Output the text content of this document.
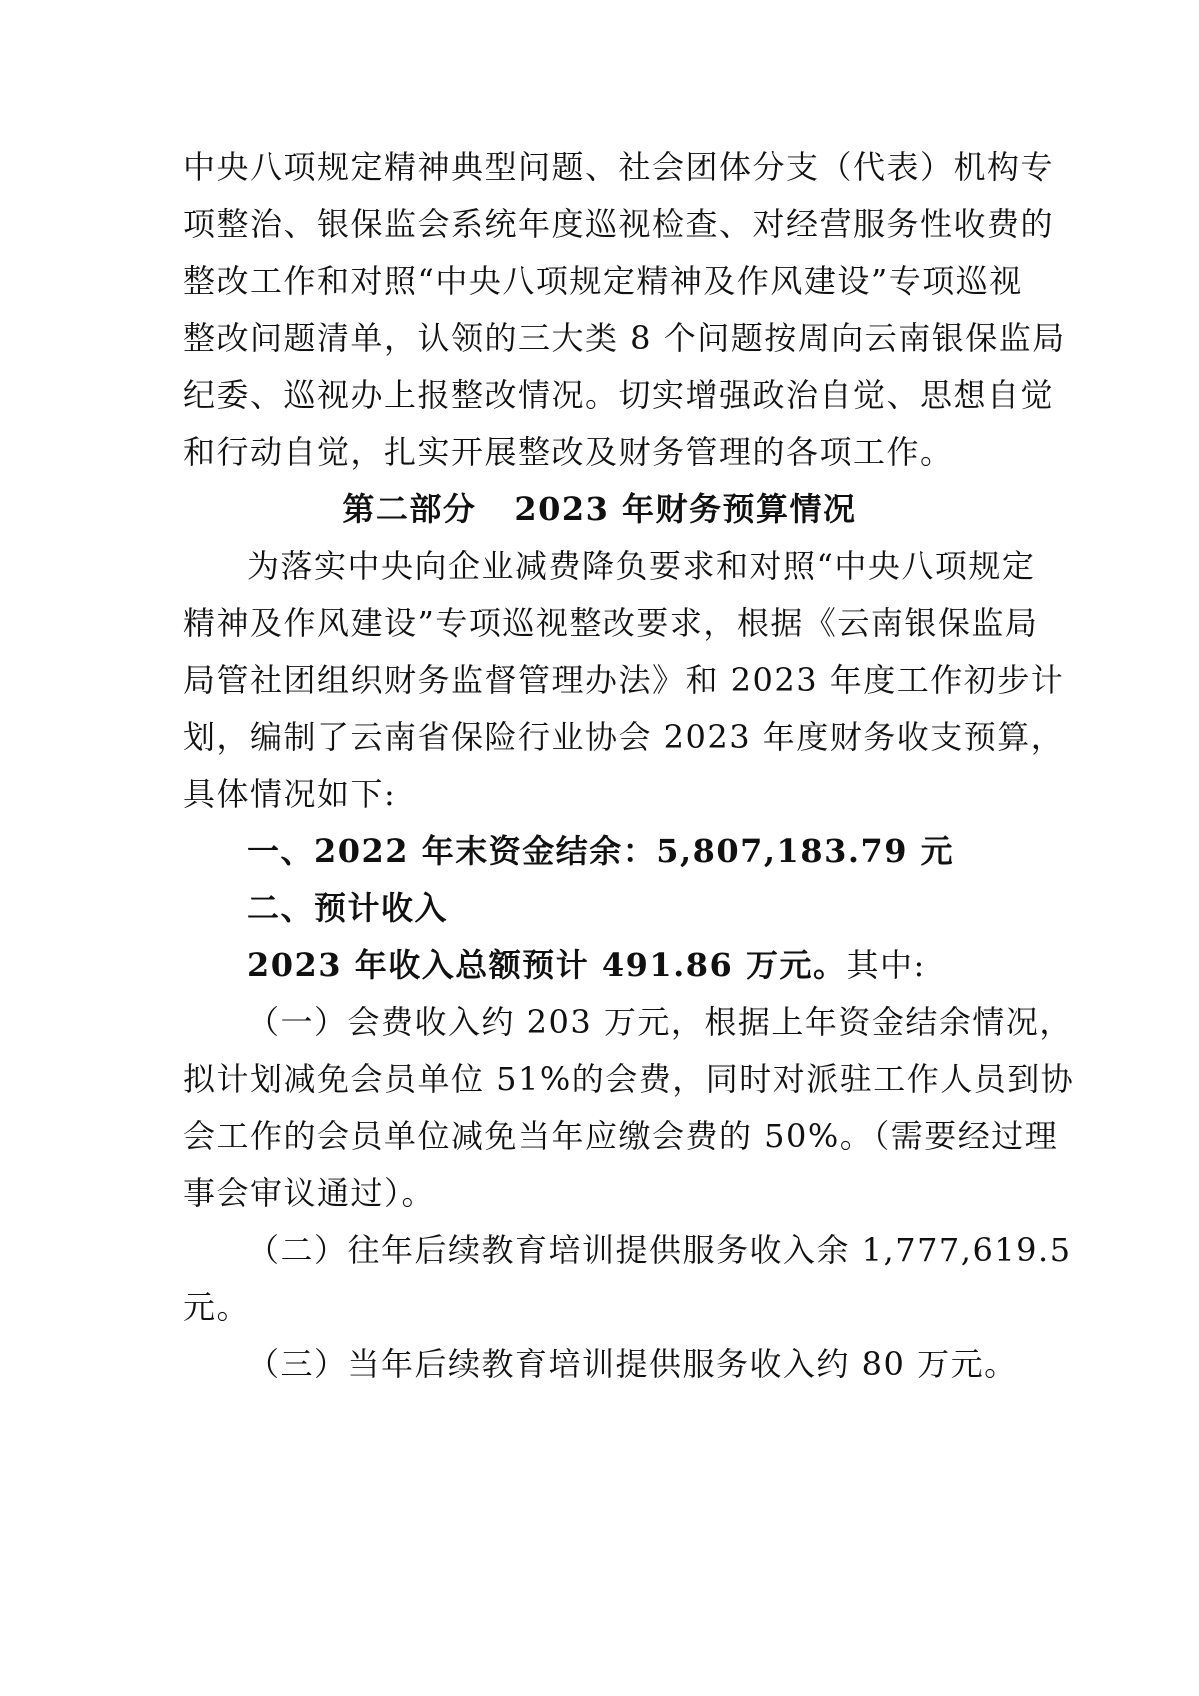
中央八项规定精神典型问题、社会团体分支（代表）机构专

项整治、银保监会系统年度巡视检查、对经营服务性收费的

整改工作和对照“中央八项规定精神及作风建设”专项巡视

整改问题清单，认领的三大类 8 个问题按周向云南银保监局

纪委、巡视办上报整改情况。切实增强政治自觉、思想自觉

和行动自觉，扎实开展整改及财务管理的各项工作。

第二部分   2023 年财务预算情况

为落实中央向企业减费降负要求和对照“中央八项规定

精神及作风建设”专项巡视整改要求，根据《云南银保监局

局管社团组织财务监督管理办法》和 2023 年度工作初步计

划，编制了云南省保险行业协会 2023 年度财务收支预算，

具体情况如下:

一、2022 年末资金结余：5,807,183.79 元

二、预计收入

2023 年收入总额预计 491.86 万元。其中:

（一）会费收入约 203 万元，根据上年资金结余情况，

拟计划减免会员单位 51%的会费，同时对派驻工作人员到协

会工作的会员单位减免当年应缴会费的 50%。（需要经过理

事会审议通过）。

（二）往年后续教育培训提供服务收入余 1,777,619.5

元。

（三）当年后续教育培训提供服务收入约 80 万元。
